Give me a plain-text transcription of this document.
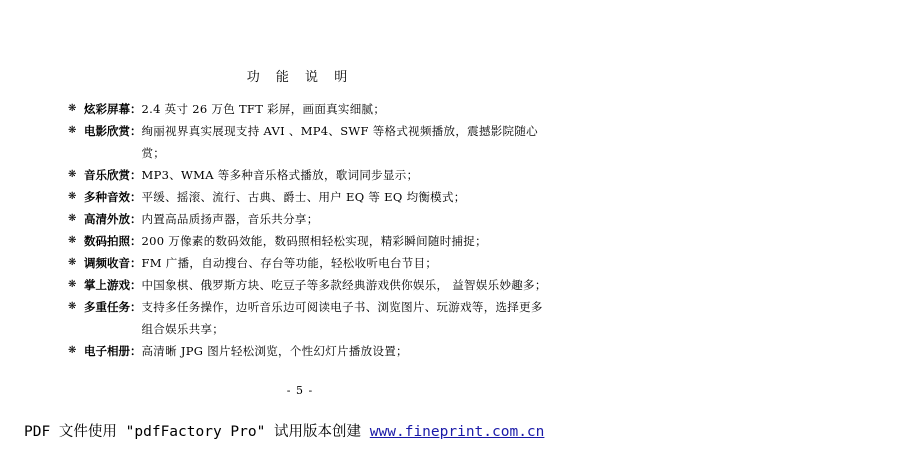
功 能 说 明
❋ 炫彩屏幕： 2.4 英寸 26 万色 TFT 彩屏，画面真实细腻；
❋ 电影欣赏： 绚丽视界真实展现支持 AVI 、MP4、SWF 等格式视频播放，震撼影院随心赏；
❋ 音乐欣赏： MP3、WMA 等多种音乐格式播放，歌词同步显示；
❋ 多种音效： 平缓、摇滚、流行、古典、爵士、用户 EQ 等 EQ 均衡模式；
❋ 高清外放： 内置高品质扬声器，音乐共分享；
❋ 数码拍照： 200 万像素的数码效能，数码照相轻松实现，精彩瞬间随时捕捉；
❋ 调频收音： FM 广播，自动搜台、存台等功能，轻松收听电台节目；
❋ 掌上游戏： 中国象棋、俄罗斯方块、吃豆子等多款经典游戏供你娱乐， 益智娱乐妙趣多；
❋ 多重任务： 支持多任务操作，边听音乐边可阅读电子书、浏览图片、玩游戏等，选择更多组合娱乐共享；
❋ 电子相册： 高清晰 JPG 图片轻松浏览，个性幻灯片播放设置；
- 5 -
PDF 文件使用 "pdfFactory Pro" 试用版本创建 www.fineprint.com.cn
